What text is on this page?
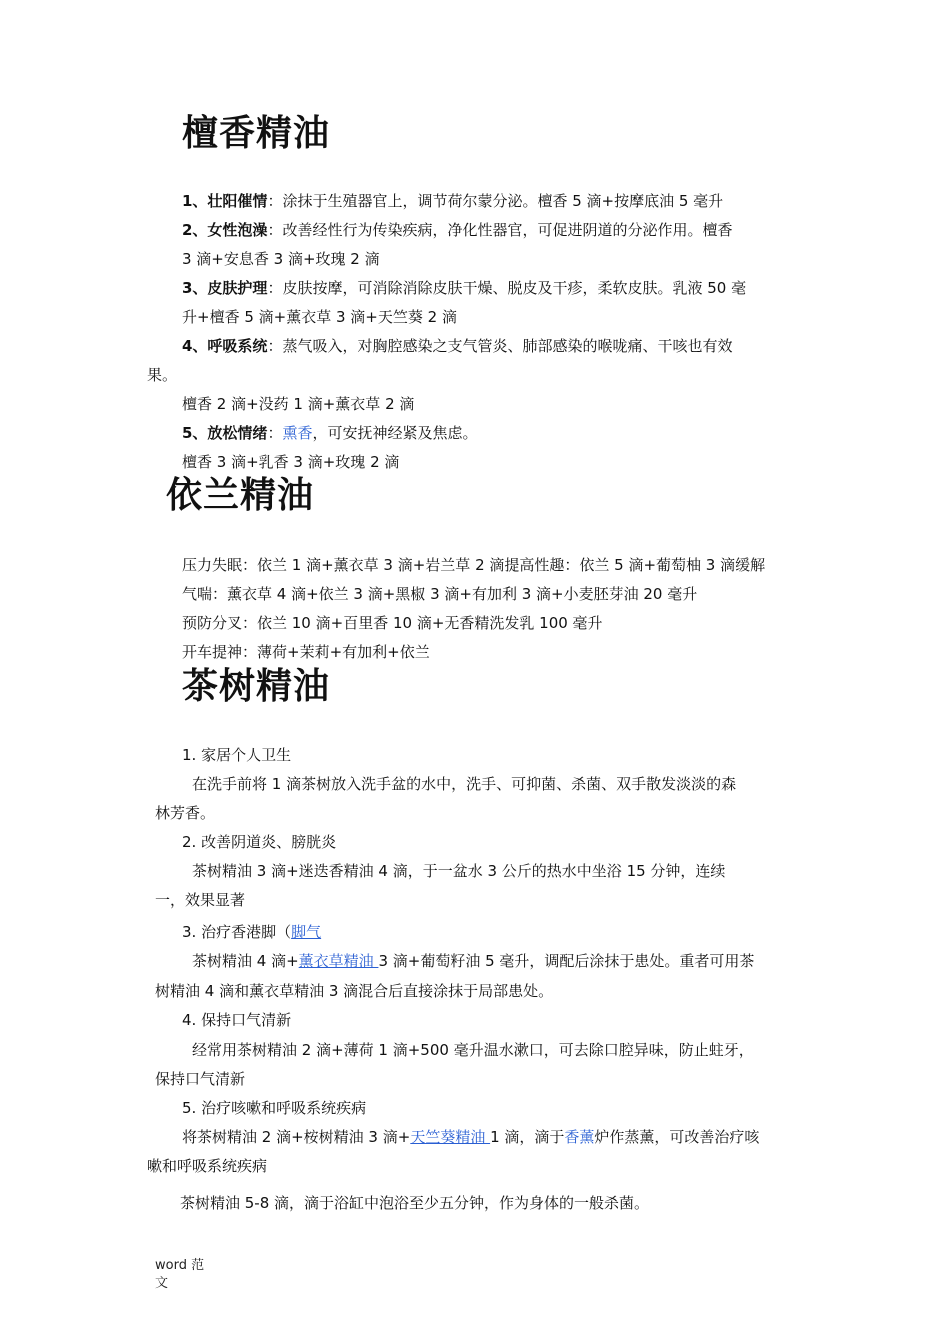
檀香精油
1、壮阳催情：涂抹于生殖器官上，调节荷尔蒙分泌。檀香 5 滴+按摩底油 5 毫升
2、女性泡澡：改善经性行为传染疾病，净化性器官，可促进阴道的分泌作用。檀香
3 滴+安息香 3 滴+玫瑰 2 滴
3、皮肤护理：皮肤按摩，可消除消除皮肤干燥、脱皮及干疹，柔软皮肤。乳液 50 毫
升+檀香 5 滴+薰衣草 3 滴+天竺葵 2 滴
4、呼吸系统：蒸气吸入，对胸腔感染之支气管炎、肺部感染的喉咙痛、干咳也有效
果。
檀香 2 滴+没药 1 滴+薰衣草 2 滴
5、放松情绪：熏香，可安抚神经紧及焦虑。
檀香 3 滴+乳香 3 滴+玫瑰 2 滴
依兰精油
压力失眠：依兰 1 滴+薰衣草 3 滴+岩兰草 2 滴提高性趣：依兰 5 滴+葡萄柚 3 滴缓解
气喘：薰衣草 4 滴+依兰 3 滴+黑椒 3 滴+有加利 3 滴+小麦胚芽油 20 毫升
预防分叉：依兰 10 滴+百里香 10 滴+无香精洗发乳 100 毫升
开车提神：薄荷+茉莉+有加利+依兰
茶树精油
1. 家居个人卫生
在洗手前将 1 滴茶树放入洗手盆的水中，洗手、可抑菌、杀菌、双手散发淡淡的森
林芳香。
2. 改善阴道炎、膀胱炎
茶树精油 3 滴+迷迭香精油 4 滴，于一盆水 3 公斤的热水中坐浴 15 分钟，连续
一，效果显著
3. 治疗香港脚（脚气
茶树精油 4 滴+薰衣草精油 3 滴+葡萄籽油 5 毫升，调配后涂抹于患处。重者可用茶
树精油 4 滴和薰衣草精油 3 滴混合后直接涂抹于局部患处。
4. 保持口气清新
经常用茶树精油 2 滴+薄荷 1 滴+500 毫升温水漱口，可去除口腔异味，防止蛀牙，
保持口气清新
5. 治疗咳嗽和呼吸系统疾病
将茶树精油 2 滴+桉树精油 3 滴+天竺葵精油 1 滴，滴于香薰炉作蒸薰，可改善治疗咳
嗽和呼吸系统疾病
茶树精油 5-8 滴，滴于浴缸中泡浴至少五分钟，作为身体的一般杀菌。
word 范
文
